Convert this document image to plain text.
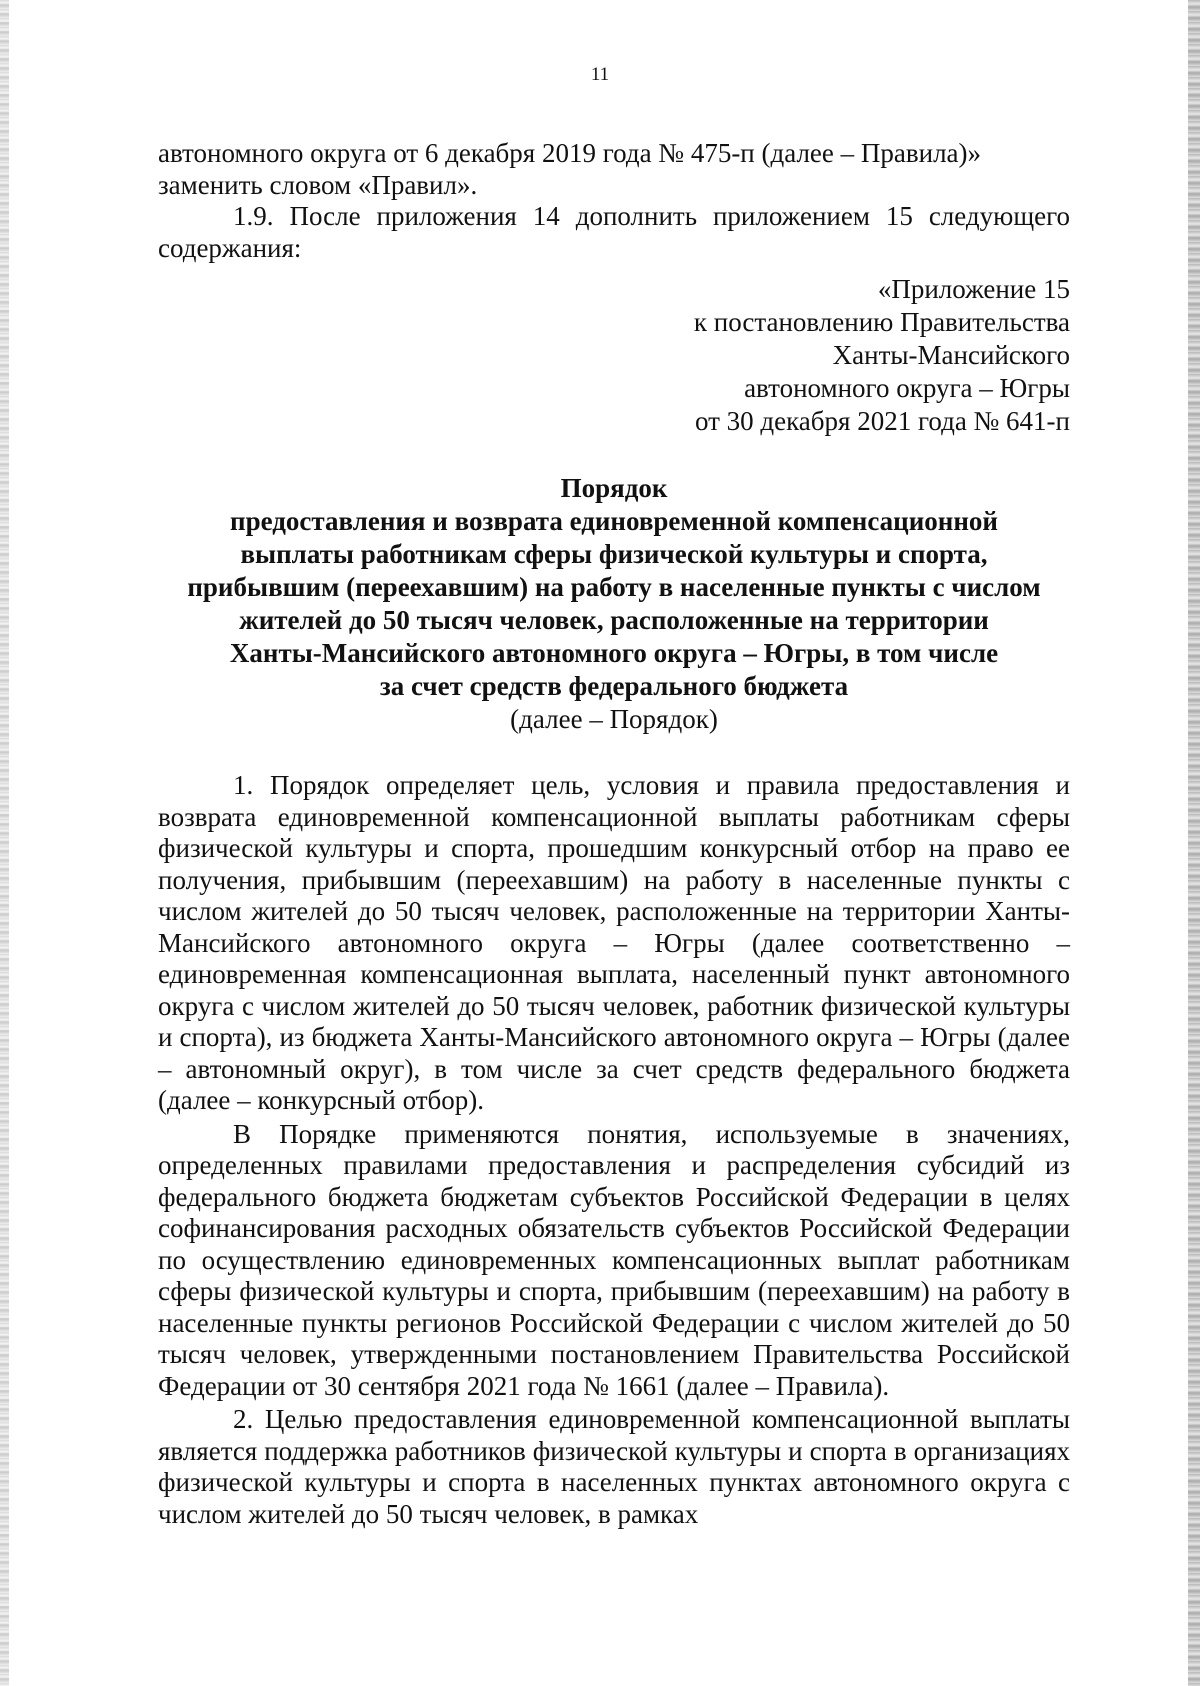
11

автономного округа от 6 декабря 2019 года № 475-п (далее – Правила)»

заменить словом «Правил».

1.9. После приложения 14 дополнить приложением 15 следующего содержания:

«Приложение 15
к постановлению Правительства
Ханты-Мансийского
автономного округа – Югры
от 30 декабря 2021 года № 641-п
Порядок
предоставления и возврата единовременной компенсационной
выплаты работникам сферы физической культуры и спорта,
прибывшим (переехавшим) на работу в населенные пункты с числом
жителей до 50 тысяч человек, расположенные на территории
Ханты-Мансийского автономного округа – Югры, в том числе
за счет средств федерального бюджета
(далее – Порядок)

1. Порядок определяет цель, условия и правила предоставления и возврата единовременной компенсационной выплаты работникам сферы физической культуры и спорта, прошедшим конкурсный отбор на право ее получения, прибывшим (переехавшим) на работу в населенные пункты с числом жителей до 50 тысяч человек, расположенные на территории Ханты-Мансийского автономного округа – Югры (далее соответственно – единовременная компенсационная выплата, населенный пункт автономного округа с числом жителей до 50 тысяч человек, работник физической культуры и спорта), из бюджета Ханты-Мансийского автономного округа – Югры (далее – автономный округ), в том числе за счет средств федерального бюджета (далее – конкурсный отбор).

В Порядке применяются понятия, используемые в значениях, определенных правилами предоставления и распределения субсидий из федерального бюджета бюджетам субъектов Российской Федерации в целях софинансирования расходных обязательств субъектов Российской Федерации по осуществлению единовременных компенсационных выплат работникам сферы физической культуры и спорта, прибывшим (переехавшим) на работу в населенные пункты регионов Российской Федерации с числом жителей до 50 тысяч человек, утвержденными постановлением Правительства Российской Федерации от 30 сентября 2021 года № 1661 (далее – Правила).

2. Целью предоставления единовременной компенсационной выплаты является поддержка работников физической культуры и спорта в организациях физической культуры и спорта в населенных пунктах автономного округа с числом жителей до 50 тысяч человек, в рамках
